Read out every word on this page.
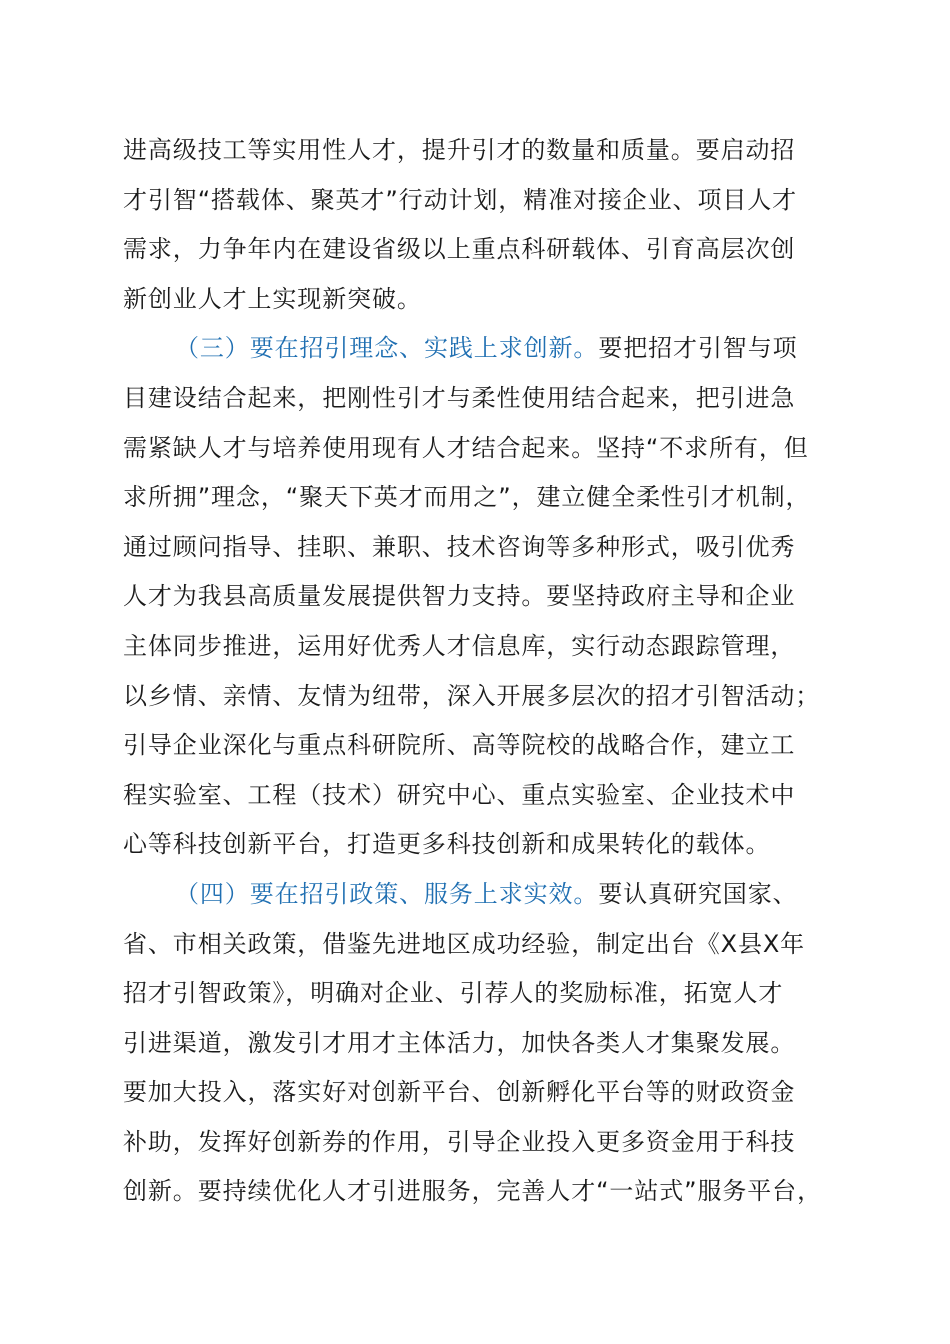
进高级技工等实用性人才，提升引才的数量和质量。要启动招
才引智“搭载体、聚英才”行动计划，精准对接企业、项目人才
需求，力争年内在建设省级以上重点科研载体、引育高层次创
新创业人才上实现新突破。
（三）要在招引理念、实践上求创新。要把招才引智与项
目建设结合起来，把刚性引才与柔性使用结合起来，把引进急
需紧缺人才与培养使用现有人才结合起来。坚持“不求所有，但
求所拥”理念，“聚天下英才而用之”，建立健全柔性引才机制，
通过顾问指导、挂职、兼职、技术咨询等多种形式，吸引优秀
人才为我县高质量发展提供智力支持。要坚持政府主导和企业
主体同步推进，运用好优秀人才信息库，实行动态跟踪管理，
以乡情、亲情、友情为纽带，深入开展多层次的招才引智活动；
引导企业深化与重点科研院所、高等院校的战略合作，建立工
程实验室、工程（技术）研究中心、重点实验室、企业技术中
心等科技创新平台，打造更多科技创新和成果转化的载体。
（四）要在招引政策、服务上求实效。要认真研究国家、
省、市相关政策，借鉴先进地区成功经验，制定出台《X县X年
招才引智政策》，明确对企业、引荐人的奖励标准，拓宽人才
引进渠道，激发引才用才主体活力，加快各类人才集聚发展。
要加大投入，落实好对创新平台、创新孵化平台等的财政资金
补助，发挥好创新券的作用，引导企业投入更多资金用于科技
创新。要持续优化人才引进服务，完善人才“一站式”服务平台，
